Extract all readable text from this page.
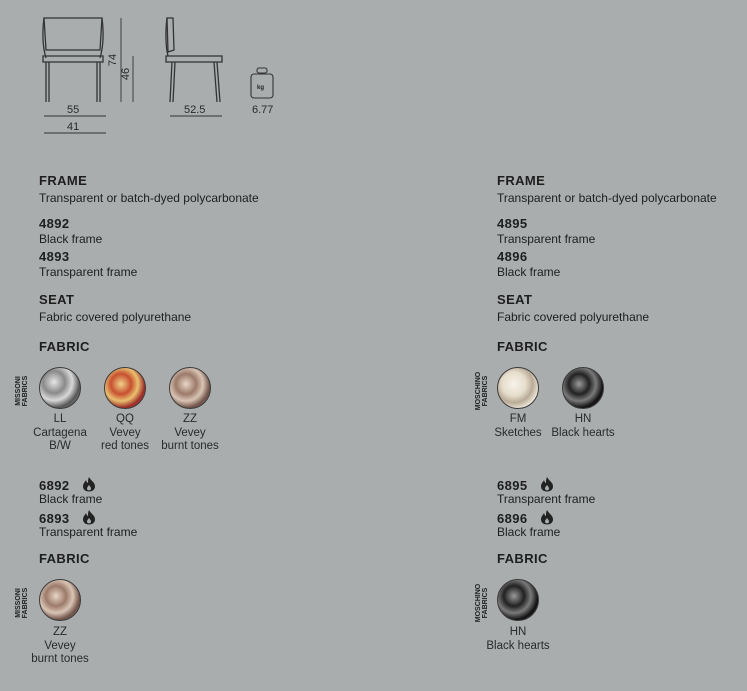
55
41
52.5
74
46
kg
6.77
FRAME
Transparent or batch-dyed polycarbonate
4892
Black frame
4893
Transparent frame
SEAT
Fabric covered polyurethane
FABRIC
MISSONI FABRICS
LL
Cartagena
B/W
QQ
Vevey
red tones
ZZ
Vevey
burnt tones
6892
Black frame
6893
Transparent frame
FABRIC
MISSONI FABRICS
ZZ
Vevey
burnt tones
FRAME
Transparent or batch-dyed polycarbonate
4895
Transparent frame
4896
Black frame
SEAT
Fabric covered polyurethane
FABRIC
MOSCHINO FABRICS
FM
Sketches
HN
Black hearts
6895
Transparent frame
6896
Black frame
FABRIC
MOSCHINO FABRICS
HN
Black hearts
